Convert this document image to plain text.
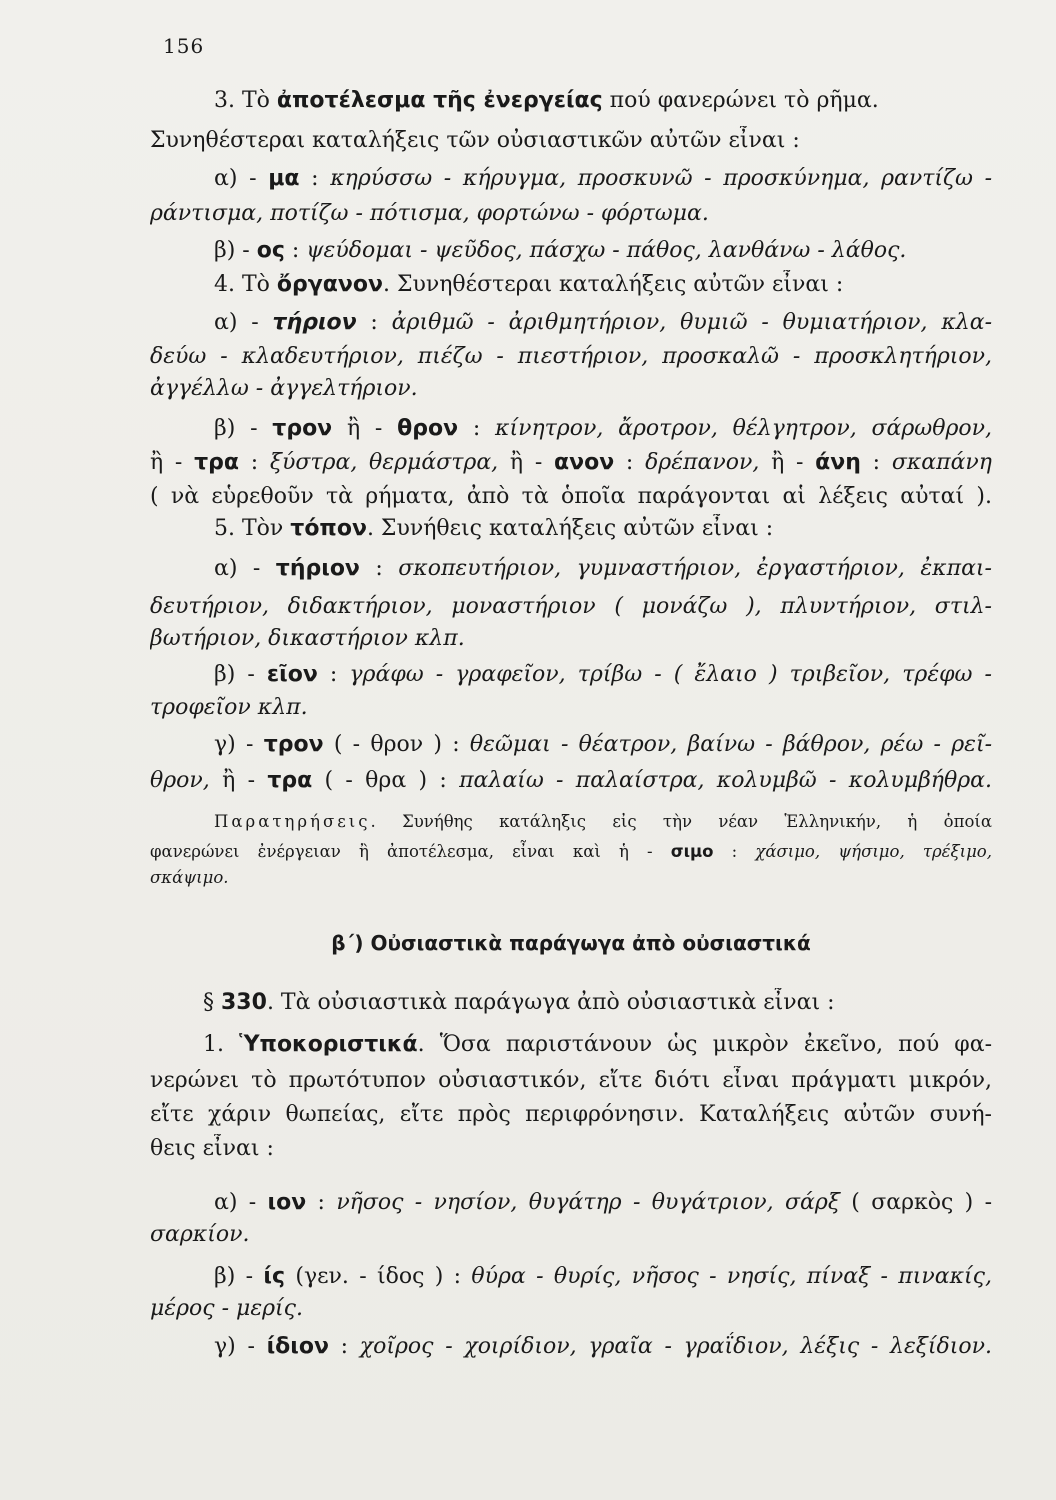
156
3. Τὸ ἀποτέλεσμα τῆς ἐνεργείας πού φανερώνει τὸ ρῆμα.
Συνηθέστεραι καταλήξεις τῶν οὐσιαστικῶν αὐτῶν εἶναι :
α) - μα : κηρύσσω - κήρυγμα, προσκυνῶ - προσκύνημα, ραντίζω -
ράντισμα, ποτίζω - πότισμα, φορτώνω - φόρτωμα.
β) - ος : ψεύδομαι - ψεῦδος, πάσχω - πάθος, λανθάνω - λάθος.
4. Τὸ ὄργανον. Συνηθέστεραι καταλήξεις αὐτῶν εἶναι :
α) - τήριον : ἀριθμῶ - ἀριθμητήριον, θυμιῶ - θυμιατήριον, κλα-
δεύω - κλαδευτήριον, πιέζω - πιεστήριον, προσκαλῶ - προσκλητήριον,
ἀγγέλλω - ἀγγελτήριον.
β) - τρον ἢ - θρον : κίνητρον, ἄροτρον, θέλγητρον, σάρωθρον,
ἢ - τρα : ξύστρα, θερμάστρα, ἢ - ανον : δρέπανον, ἢ - άνη : σκαπάνη
( νὰ εὑρεθοῦν τὰ ρήματα, ἀπὸ τὰ ὁποῖα παράγονται αἱ λέξεις αὐταί ).
5. Τὸν τόπον. Συνήθεις καταλήξεις αὐτῶν εἶναι :
α) - τήριον : σκοπευτήριον, γυμναστήριον, ἐργαστήριον, ἐκπαι-
δευτήριον, διδακτήριον, μοναστήριον ( μονάζω ), πλυντήριον, στιλ-
βωτήριον, δικαστήριον κλπ.
β) - εῖον : γράφω - γραφεῖον, τρίβω - ( ἔλαιο ) τριβεῖον, τρέφω -
τροφεῖον κλπ.
γ) - τρον ( - θρον ) : θεῶμαι - θέατρον, βαίνω - βάθρον, ρέω - ρεῖ-
θρον, ἢ - τρα ( - θρα ) : παλαίω - παλαίστρα, κολυμβῶ - κολυμβήθρα.
Παρατηρήσεις. Συνήθης κατάληξις εἰς τὴν νέαν Ἑλληνικήν, ἡ ὁποία
φανερώνει ἐνέργειαν ἢ ἀποτέλεσμα, εἶναι καὶ ἡ - σιμο : χάσιμο, ψήσιμο, τρέξιμο,
σκάψιμο.
β΄) Οὐσιαστικὰ παράγωγα ἀπὸ οὐσιαστικά
§ 330. Τὰ οὐσιαστικὰ παράγωγα ἀπὸ οὐσιαστικὰ εἶναι :
1. Ὑποκοριστικά. Ὅσα παριστάνουν ὡς μικρὸν ἐκεῖνο, πού φα-
νερώνει τὸ πρωτότυπον οὐσιαστικόν, εἴτε διότι εἶναι πράγματι μικρόν,
εἴτε χάριν θωπείας, εἴτε πρὸς περιφρόνησιν. Καταλήξεις αὐτῶν συνή-
θεις εἶναι :
α) - ιον : νῆσος - νησίον, θυγάτηρ - θυγάτριον, σάρξ ( σαρκὸς ) -
σαρκίον.
β) - ίς (γεν. - ίδος ) : θύρα - θυρίς, νῆσος - νησίς, πίναξ - πινακίς,
μέρος - μερίς.
γ) - ίδιον : χοῖρος - χοιρίδιον, γραῖα - γραΐδιον, λέξις - λεξίδιον.
